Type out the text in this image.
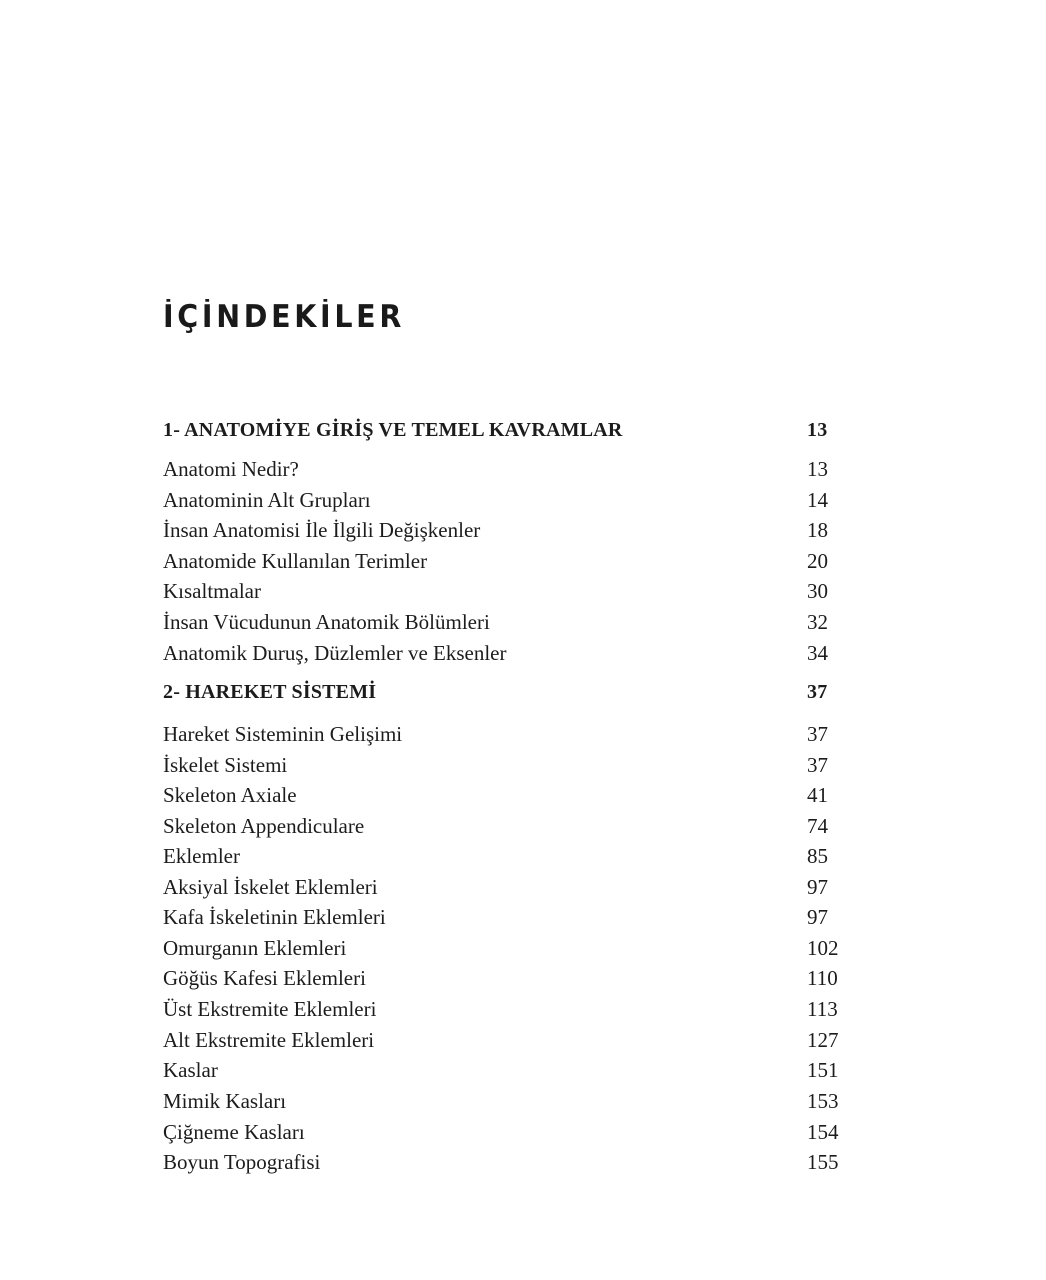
İÇİNDEKİLER
1- ANATOMİYE GİRİŞ VE TEMEL KAVRAMLAR	13
Anatomi Nedir?	13
Anatominin Alt Grupları	14
İnsan Anatomisi İle İlgili Değişkenler	18
Anatomide Kullanılan Terimler	20
Kısaltmalar	30
İnsan Vücudunun Anatomik Bölümleri	32
Anatomik Duruş, Düzlemler ve Eksenler	34
2- HAREKET SİSTEMİ	37
Hareket Sisteminin Gelişimi	37
İskelet Sistemi	37
Skeleton Axiale	41
Skeleton Appendiculare	74
Eklemler	85
Aksiyal İskelet Eklemleri	97
Kafa İskeletinin Eklemleri	97
Omurganın Eklemleri	102
Göğüs Kafesi Eklemleri	110
Üst Ekstremite Eklemleri	113
Alt Ekstremite Eklemleri	127
Kaslar	151
Mimik Kasları	153
Çiğneme Kasları	154
Boyun Topografisi	155
